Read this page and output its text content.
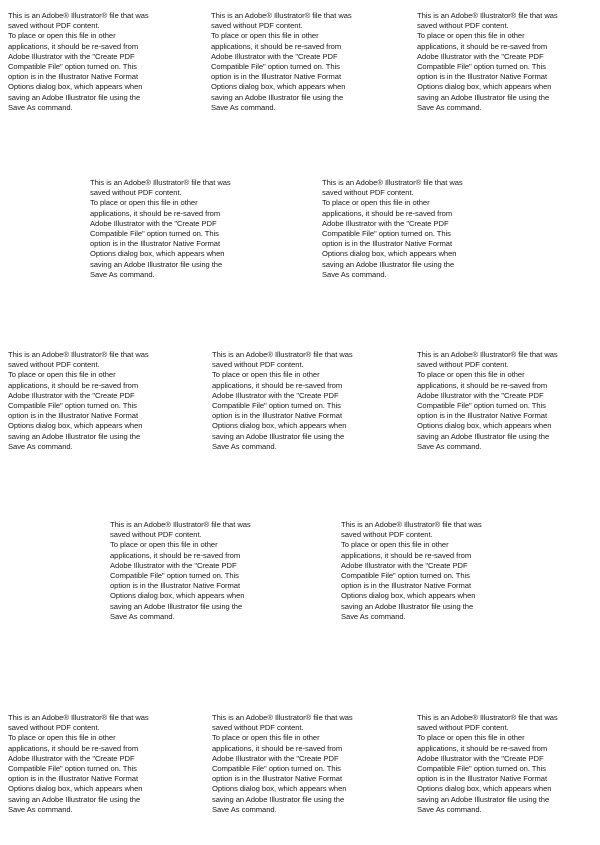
This is an Adobe® Illustrator® file that was
saved without PDF content.

To place or open this file in other
applications, it should be re-saved from
Adobe Illustrator with the "Create PDF
Compatible File" option turned on. This
option is in the Illustrator Native Format
Options dialog box, which appears when
saving an Adobe Illustrator file using the
Save As command.

This is an Adobe® Illustrator® file that was
saved without PDF content.

To place or open this file in other
applications, it should be re-saved from
Adobe Illustrator with the "Create PDF
Compatible File" option turned on. This
option is in the Illustrator Native Format
Options dialog box, which appears when
saving an Adobe Illustrator file using the
Save As command.

This is an Adobe® Illustrator® file that was
saved without PDF content.

To place or open this file in other
applications, it should be re-saved from
Adobe Illustrator with the "Create PDF
Compatible File" option turned on. This
option is in the Illustrator Native Format
Options dialog box, which appears when
saving an Adobe Illustrator file using the
Save As command.

This is an Adobe® Illustrator® file that was
saved without PDF content.

To place or open this file in other
applications, it should be re-saved from
Adobe Illustrator with the "Create PDF
Compatible File" option turned on. This
option is in the Illustrator Native Format
Options dialog box, which appears when
saving an Adobe Illustrator file using the
Save As command.

This is an Adobe® Illustrator® file that was
saved without PDF content.

To place or open this file in other
applications, it should be re-saved from
Adobe Illustrator with the "Create PDF
Compatible File" option turned on. This
option is in the Illustrator Native Format
Options dialog box, which appears when
saving an Adobe Illustrator file using the
Save As command.

This is an Adobe® Illustrator® file that was
saved without PDF content.

To place or open this file in other
applications, it should be re-saved from
Adobe Illustrator with the "Create PDF
Compatible File" option turned on. This
option is in the Illustrator Native Format
Options dialog box, which appears when
saving an Adobe Illustrator file using the
Save As command.

This is an Adobe® Illustrator® file that was
saved without PDF content.

To place or open this file in other
applications, it should be re-saved from
Adobe Illustrator with the "Create PDF
Compatible File" option turned on. This
option is in the Illustrator Native Format
Options dialog box, which appears when
saving an Adobe Illustrator file using the
Save As command.

This is an Adobe® Illustrator® file that was
saved without PDF content.

To place or open this file in other
applications, it should be re-saved from
Adobe Illustrator with the "Create PDF
Compatible File" option turned on. This
option is in the Illustrator Native Format
Options dialog box, which appears when
saving an Adobe Illustrator file using the
Save As command.

This is an Adobe® Illustrator® file that was
saved without PDF content.

To place or open this file in other
applications, it should be re-saved from
Adobe Illustrator with the "Create PDF
Compatible File" option turned on. This
option is in the Illustrator Native Format
Options dialog box, which appears when
saving an Adobe Illustrator file using the
Save As command.

This is an Adobe® Illustrator® file that was
saved without PDF content.

To place or open this file in other
applications, it should be re-saved from
Adobe Illustrator with the "Create PDF
Compatible File" option turned on. This
option is in the Illustrator Native Format
Options dialog box, which appears when
saving an Adobe Illustrator file using the
Save As command.

This is an Adobe® Illustrator® file that was
saved without PDF content.

To place or open this file in other
applications, it should be re-saved from
Adobe Illustrator with the "Create PDF
Compatible File" option turned on. This
option is in the Illustrator Native Format
Options dialog box, which appears when
saving an Adobe Illustrator file using the
Save As command.

This is an Adobe® Illustrator® file that was
saved without PDF content.

To place or open this file in other
applications, it should be re-saved from
Adobe Illustrator with the "Create PDF
Compatible File" option turned on. This
option is in the Illustrator Native Format
Options dialog box, which appears when
saving an Adobe Illustrator file using the
Save As command.

This is an Adobe® Illustrator® file that was
saved without PDF content.

To place or open this file in other
applications, it should be re-saved from
Adobe Illustrator with the "Create PDF
Compatible File" option turned on. This
option is in the Illustrator Native Format
Options dialog box, which appears when
saving an Adobe Illustrator file using the
Save As command.
